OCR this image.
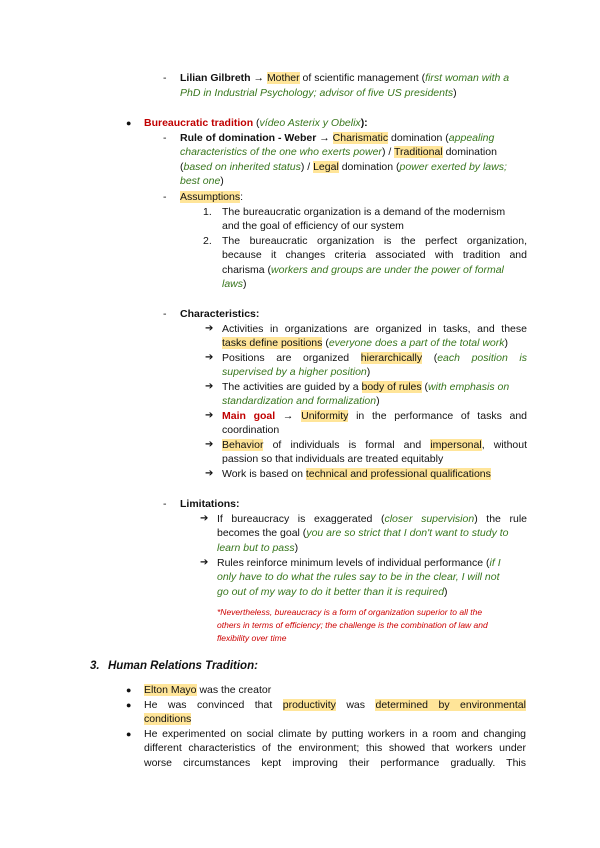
- Lilian Gilbreth → Mother of scientific management (first woman with a
PhD in Industrial Psychology; advisor of five US presidents)
● Bureaucratic tradition (vídeo Asterix y Obelix):
- Rule of domination - Weber → Charismatic domination (appealing
characteristics of the one who exerts power) / Traditional domination
(based on inherited status) / Legal domination (power exerted by laws;
best one)
- Assumptions:
1. The bureaucratic organization is a demand of the modernism
and the goal of efficiency of our system
2. The bureaucratic organization is the perfect organization,
because it changes criteria associated with tradition and
charisma (workers and groups are under the power of formal
laws)
- Characteristics:
➔ Activities in organizations are organized in tasks, and these
tasks define positions (everyone does a part of the total work)
➔ Positions are organized hierarchically (each position is
supervised by a higher position)
➔ The activities are guided by a body of rules (with emphasis on
standardization and formalization)
➔ Main goal → Uniformity in the performance of tasks and
coordination
➔ Behavior of individuals is formal and impersonal, without
passion so that individuals are treated equitably
➔ Work is based on technical and professional qualifications
- Limitations:
➔ If bureaucracy is exaggerated (closer supervision) the rule
becomes the goal (you are so strict that I don't want to study to
learn but to pass)
➔ Rules reinforce minimum levels of individual performance (if I
only have to do what the rules say to be in the clear, I will not
go out of my way to do it better than it is required)
*Nevertheless, bureaucracy is a form of organization superior to all the
others in terms of efficiency; the challenge is the combination of law and
flexibility over time
3. Human Relations Tradition:
● Elton Mayo was the creator
● He was convinced that productivity was determined by environmental
conditions
● He experimented on social climate by putting workers in a room and changing
different characteristics of the environment; this showed that workers under
worse circumstances kept improving their performance gradually. This
